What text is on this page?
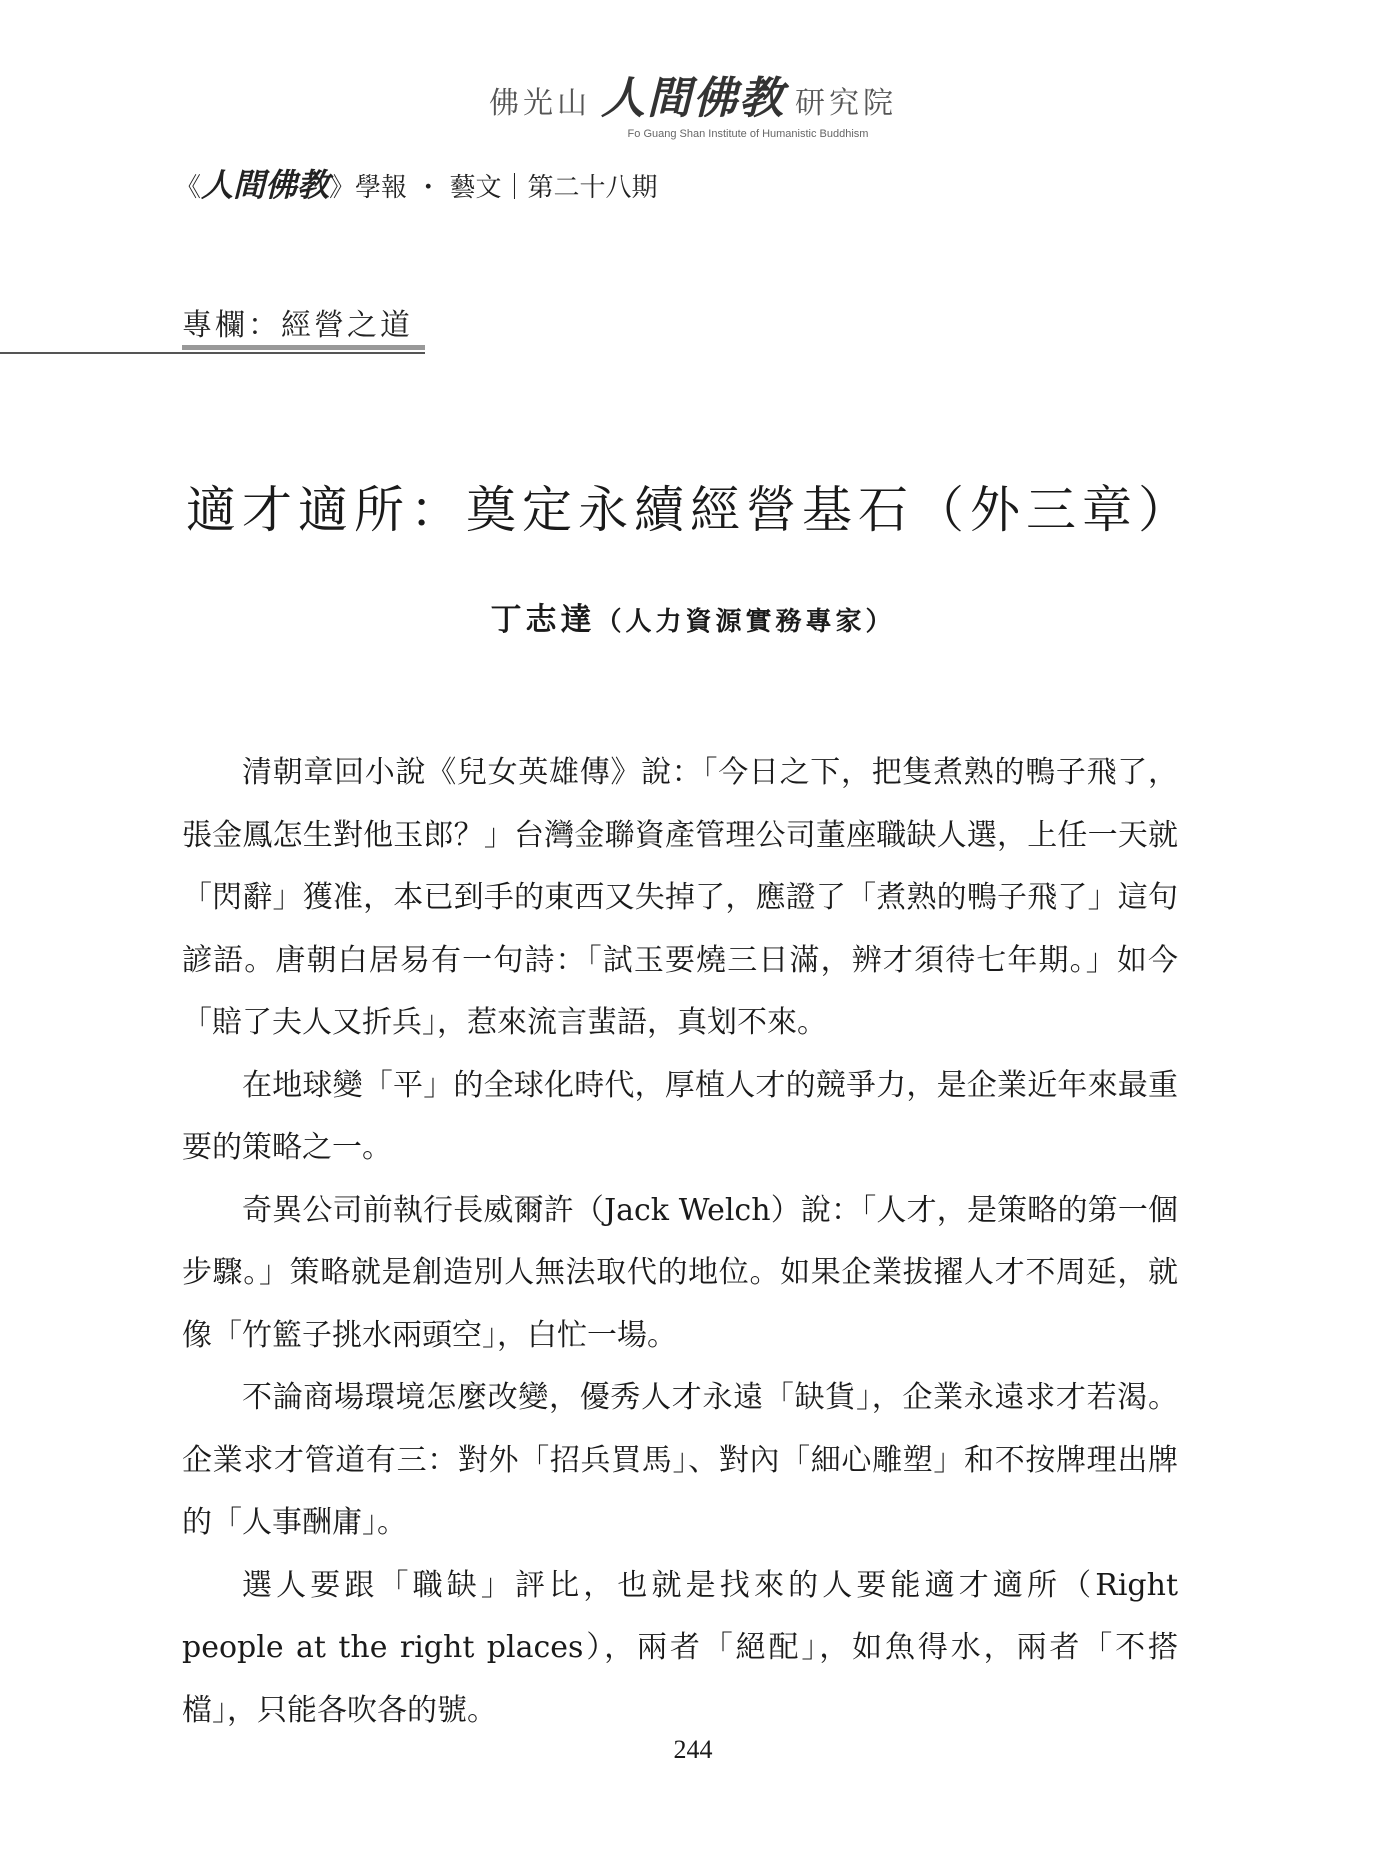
佛光山 人間佛教 研究院
Fo Guang Shan Institute of Humanistic Buddhism
《 人間佛教 》學報 ・ 藝文｜第二十八期
專欄：經營之道
適才適所：奠定永續經營基石（外三章）
丁志達（人力資源實務專家）

清朝章回小說《兒女英雄傳》說：「今日之下，把隻煮熟的鴨子飛了，張金鳳怎生對他玉郎？」台灣金聯資產管理公司董座職缺人選，上任一天就「閃辭」獲准，本已到手的東西又失掉了，應證了「煮熟的鴨子飛了」這句諺語。唐朝白居易有一句詩：「試玉要燒三日滿，辨才須待七年期。」如今「賠了夫人又折兵」，惹來流言蜚語，真划不來。

在地球變「平」的全球化時代，厚植人才的競爭力，是企業近年來最重要的策略之一。

奇異公司前執行長威爾許（Jack Welch）說：「人才，是策略的第一個步驟。」策略就是創造別人無法取代的地位。如果企業拔擢人才不周延，就像「竹籃子挑水兩頭空」，白忙一場。

不論商場環境怎麼改變，優秀人才永遠「缺貨」，企業永遠求才若渴。企業求才管道有三：對外「招兵買馬」、對內「細心雕塑」和不按牌理出牌的「人事酬庸」。

選人要跟「職缺」評比，也就是找來的人要能適才適所（Right people at the right places），兩者「絕配」，如魚得水，兩者「不搭檔」，只能各吹各的號。

244
